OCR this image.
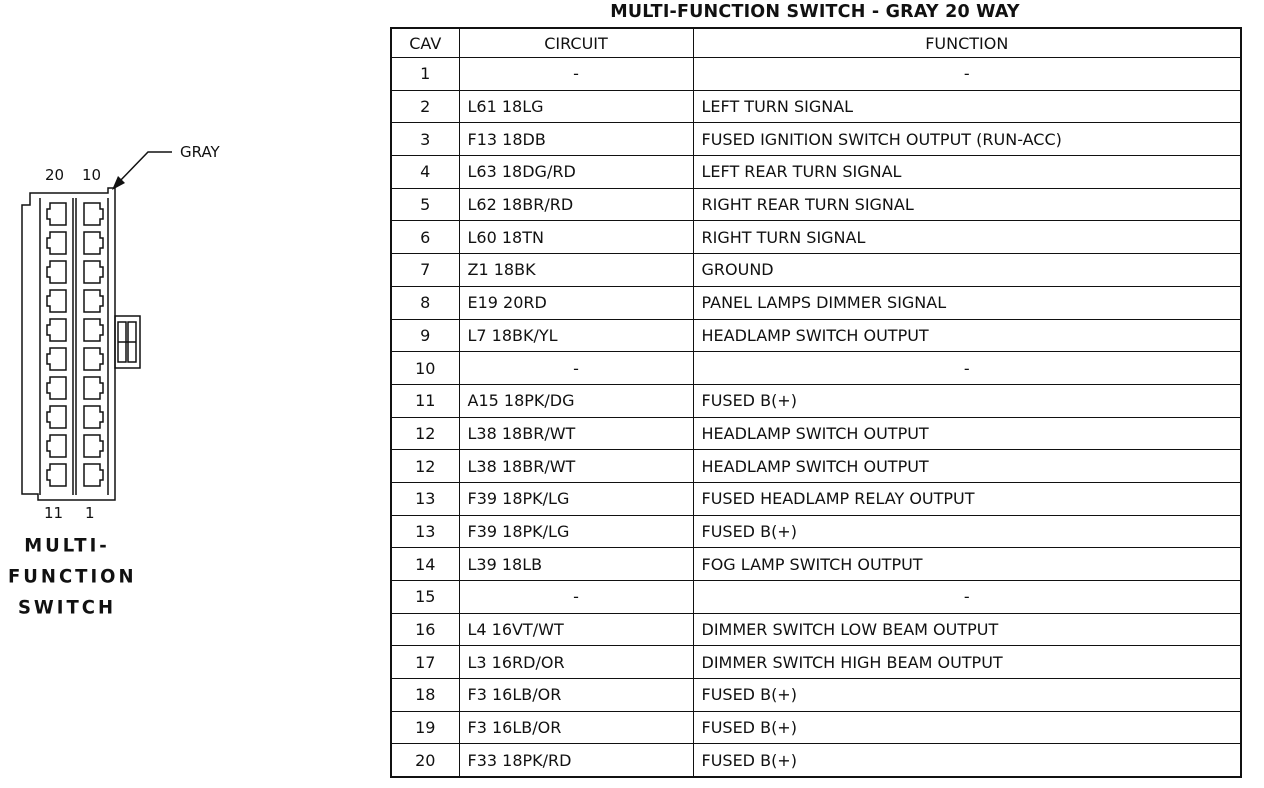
20 10
GRAY
11 1
MULTI-
FUNCTION
SWITCH
MULTI-FUNCTION SWITCH - GRAY 20 WAY
CAV	CIRCUIT	FUNCTION
1	-	-
2	L61 18LG	LEFT TURN SIGNAL
3	F13 18DB	FUSED IGNITION SWITCH OUTPUT (RUN-ACC)
4	L63 18DG/RD	LEFT REAR TURN SIGNAL
5	L62 18BR/RD	RIGHT REAR TURN SIGNAL
6	L60 18TN	RIGHT TURN SIGNAL
7	Z1 18BK	GROUND
8	E19 20RD	PANEL LAMPS DIMMER SIGNAL
9	L7 18BK/YL	HEADLAMP SWITCH OUTPUT
10	-	-
11	A15 18PK/DG	FUSED B(+)
12	L38 18BR/WT	HEADLAMP SWITCH OUTPUT
12	L38 18BR/WT	HEADLAMP SWITCH OUTPUT
13	F39 18PK/LG	FUSED HEADLAMP RELAY OUTPUT
13	F39 18PK/LG	FUSED B(+)
14	L39 18LB	FOG LAMP SWITCH OUTPUT
15	-	-
16	L4 16VT/WT	DIMMER SWITCH LOW BEAM OUTPUT
17	L3 16RD/OR	DIMMER SWITCH HIGH BEAM OUTPUT
18	F3 16LB/OR	FUSED B(+)
19	F3 16LB/OR	FUSED B(+)
20	F33 18PK/RD	FUSED B(+)
